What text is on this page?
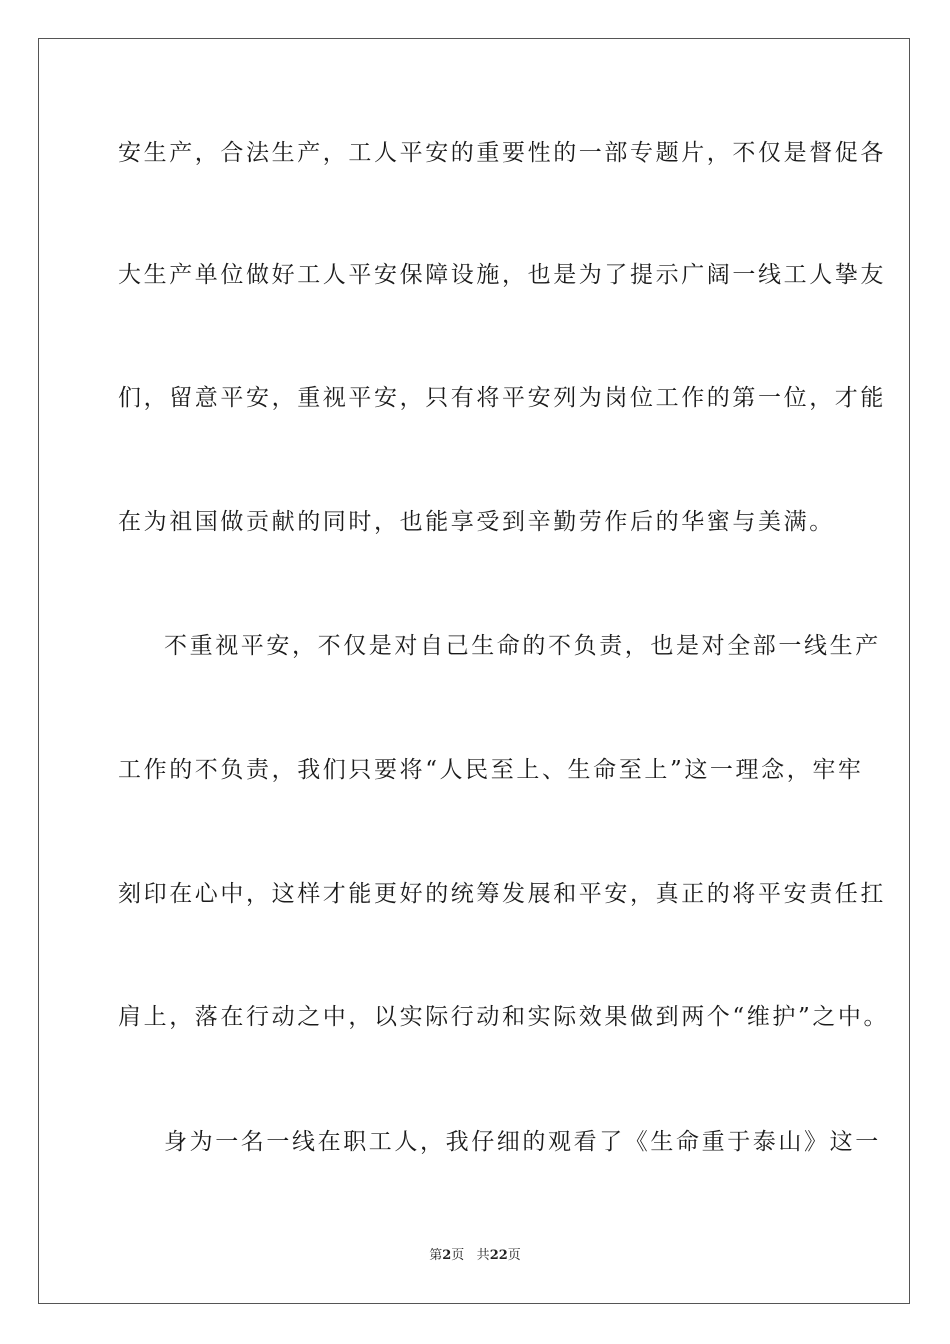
安生产，合法生产，工人平安的重要性的一部专题片，不仅是督促各
大生产单位做好工人平安保障设施，也是为了提示广阔一线工人挚友
们，留意平安，重视平安，只有将平安列为岗位工作的第一位，才能
在为祖国做贡献的同时，也能享受到辛勤劳作后的华蜜与美满。
不重视平安，不仅是对自己生命的不负责，也是对全部一线生产
工作的不负责，我们只要将“人民至上、生命至上”这一理念，牢牢
刻印在心中，这样才能更好的统筹发展和平安，真正的将平安责任扛
肩上，落在行动之中，以实际行动和实际效果做到两个“维护”之中。
身为一名一线在职工人，我仔细的观看了《生命重于泰山》这一
第2页 共22页
